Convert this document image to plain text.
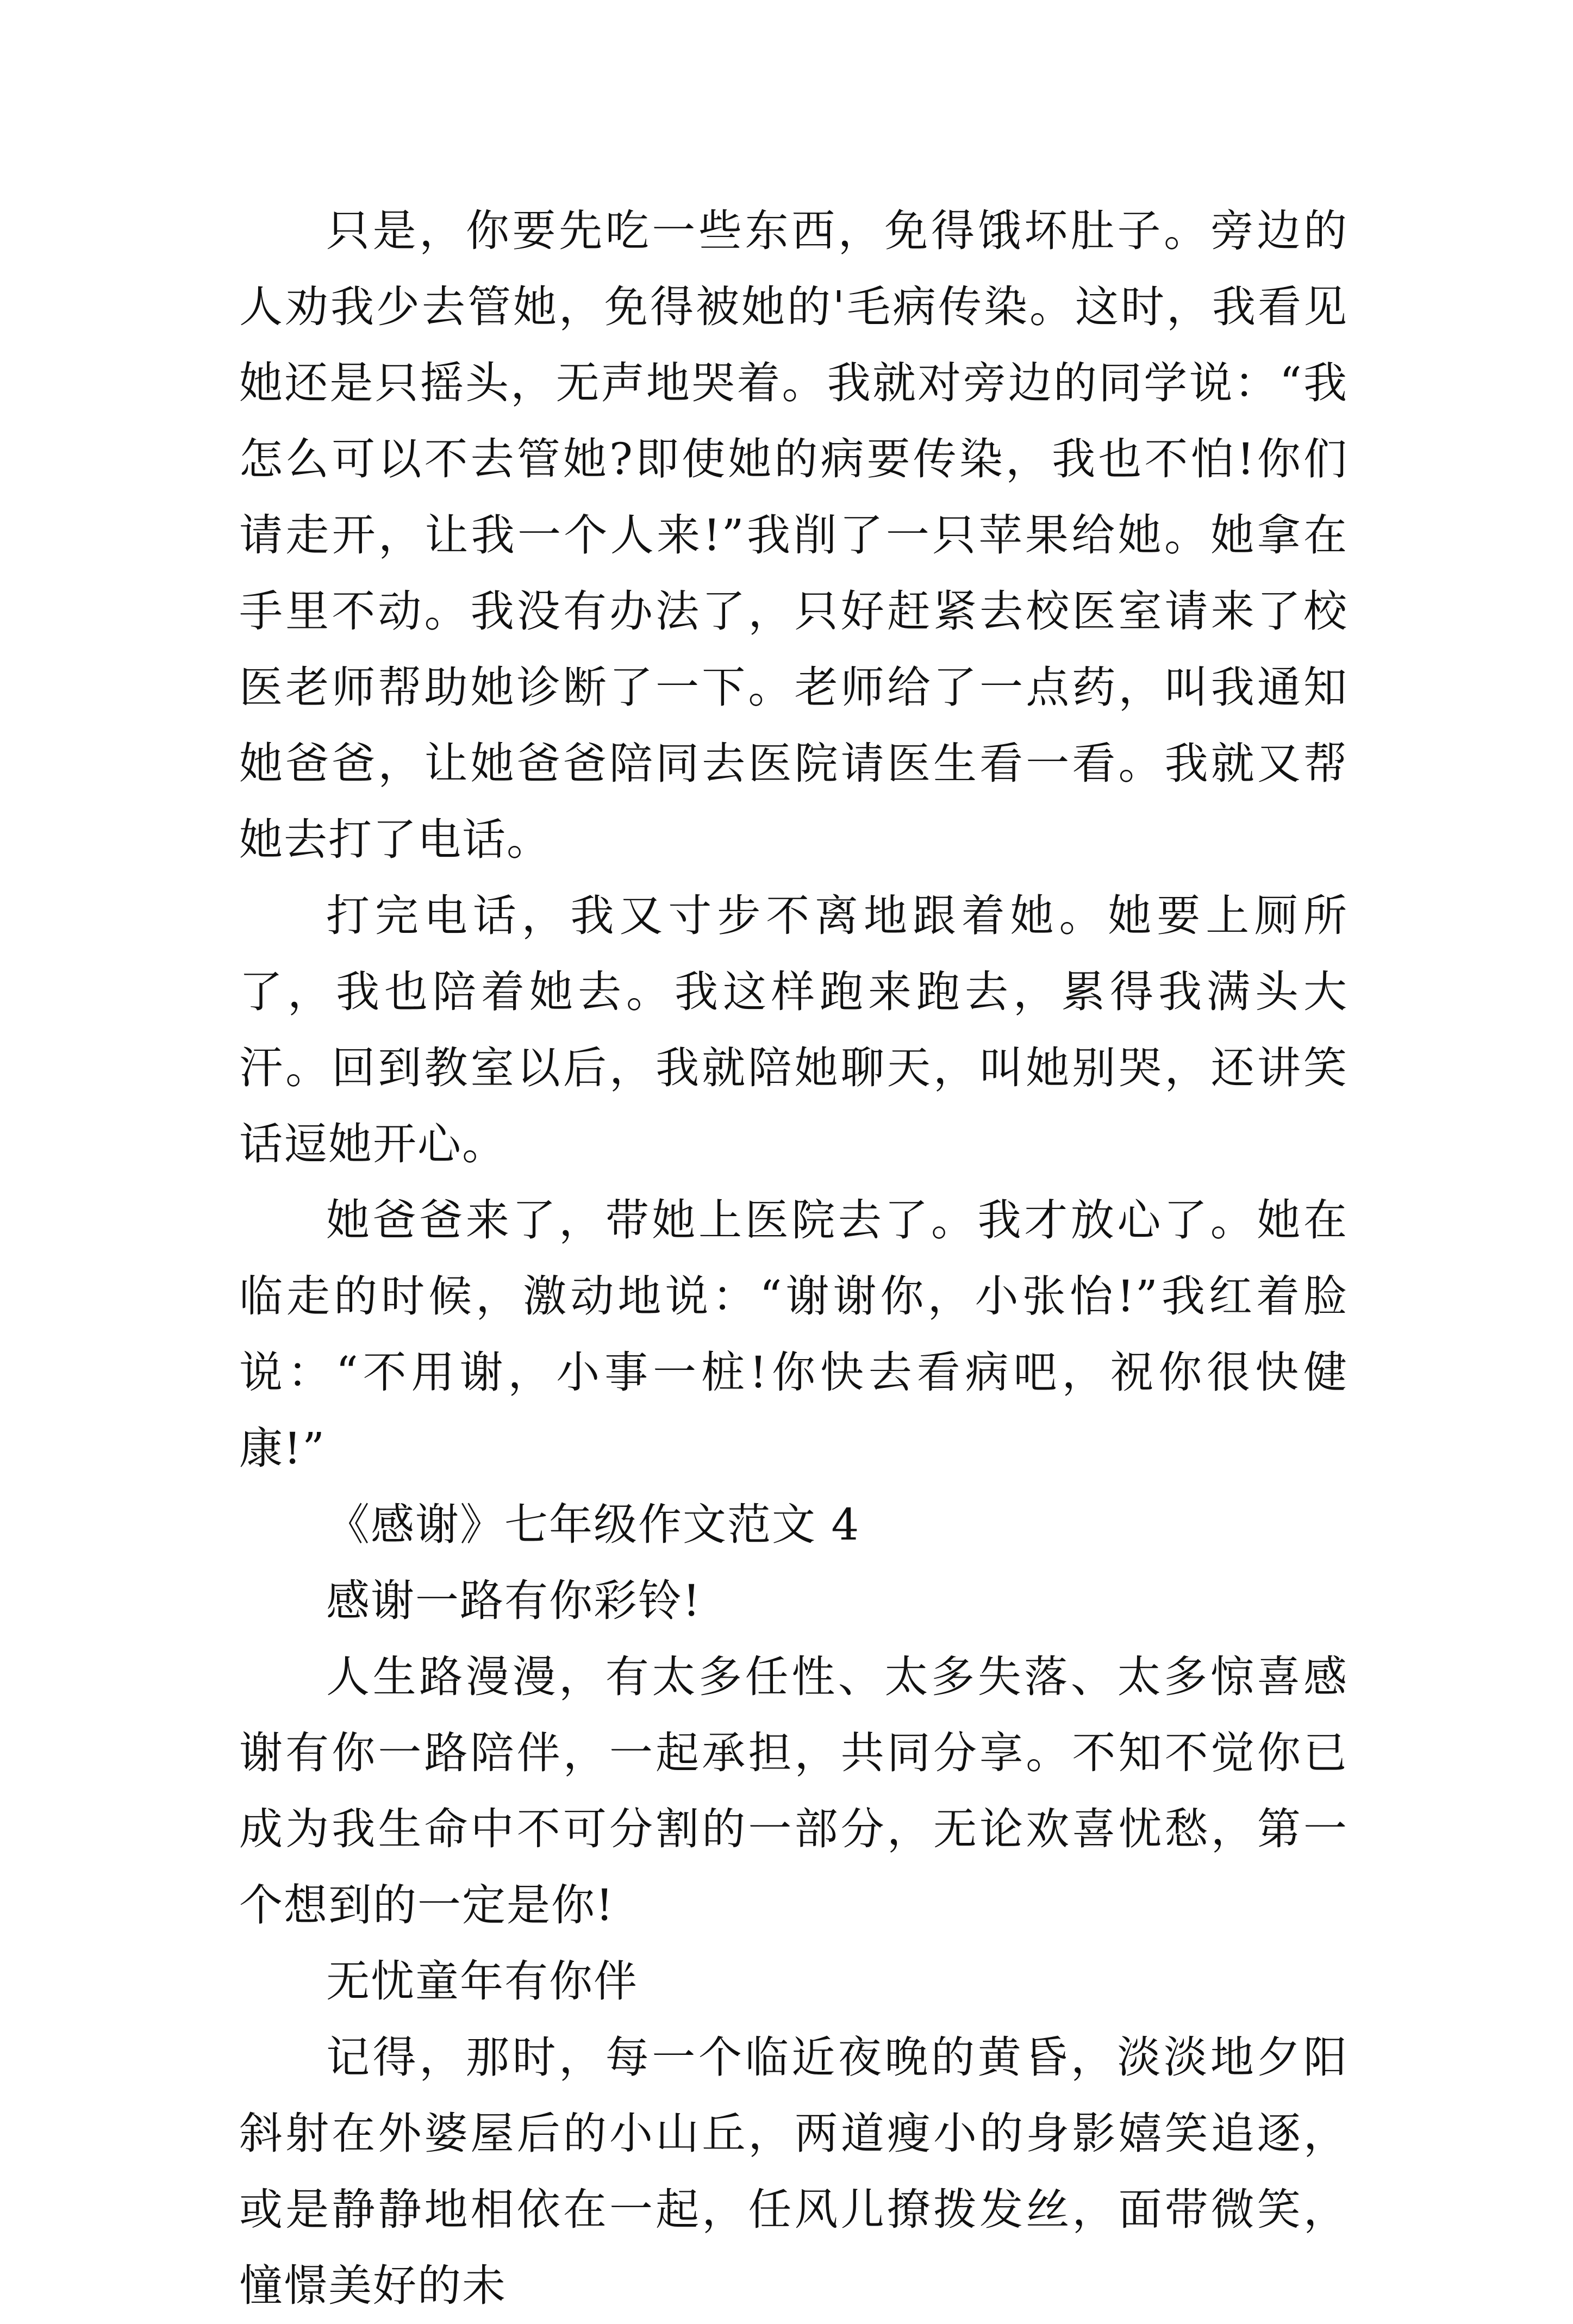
只是，你要先吃一些东西，免得饿坏肚子。旁边的人劝我少去管她，免得被她的'毛病传染。这时，我看见她还是只摇头，无声地哭着。我就对旁边的同学说：“我怎么可以不去管她?即使她的病要传染，我也不怕!你们请走开，让我一个人来!”我削了一只苹果给她。她拿在手里不动。我没有办法了，只好赶紧去校医室请来了校医老师帮助她诊断了一下。老师给了一点药，叫我通知她爸爸，让她爸爸陪同去医院请医生看一看。我就又帮她去打了电话。

打完电话，我又寸步不离地跟着她。她要上厕所了，我也陪着她去。我这样跑来跑去，累得我满头大汗。回到教室以后，我就陪她聊天，叫她别哭，还讲笑话逗她开心。

她爸爸来了，带她上医院去了。我才放心了。她在临走的时候，激动地说：“谢谢你，小张怡!”我红着脸说：“不用谢，小事一桩!你快去看病吧，祝你很快健康!”

《感谢》七年级作文范文 4

感谢一路有你彩铃!

人生路漫漫，有太多任性、太多失落、太多惊喜感谢有你一路陪伴，一起承担，共同分享。不知不觉你已成为我生命中不可分割的一部分，无论欢喜忧愁，第一个想到的一定是你!

无忧童年有你伴

记得，那时，每一个临近夜晚的黄昏，淡淡地夕阳斜射在外婆屋后的小山丘，两道瘦小的身影嬉笑追逐，或是静静地相依在一起，任风儿撩拨发丝，面带微笑，憧憬美好的未
